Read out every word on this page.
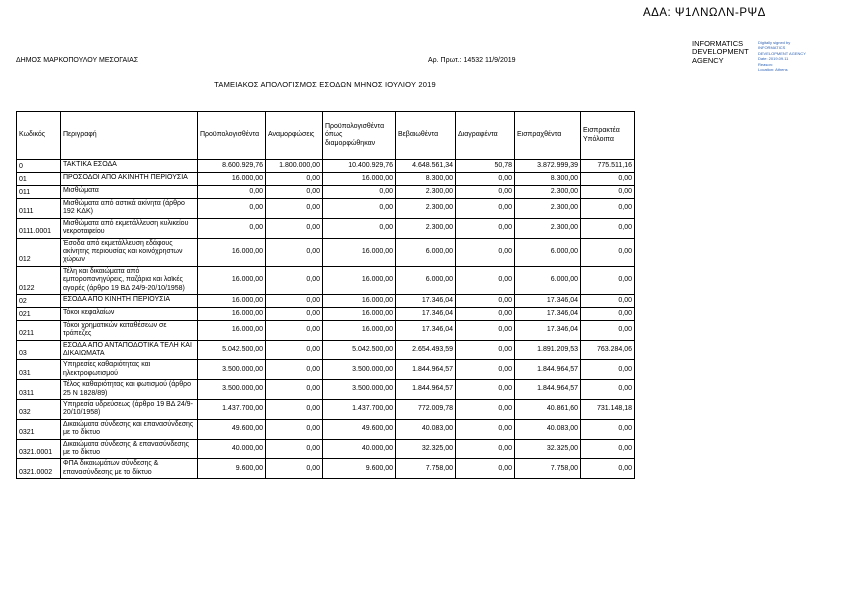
ΑΔΑ: Ψ1ΛΝΩΛΝ-ΡΨΔ
ΔΗΜΟΣ ΜΑΡΚΟΠΟΥΛΟΥ ΜΕΣΟΓΑΙΑΣ	Αρ. Πρωτ.: 14532 11/9/2019
INFORMATICS DEVELOPMENT AGENCY
Digitally signed by
INFORMATICS
DEVELOPMENT AGENCY
Date: 2019.09.11
Reason:
Location: Athens
ΤΑΜΕΙΑΚΟΣ ΑΠΟΛΟΓΙΣΜΟΣ ΕΣΟΔΩΝ ΜΗΝΟΣ ΙΟΥΛΙΟΥ 2019
Κωδικός	Περιγραφή	Προϋπολογισθέντα	Αναμορφώσεις	Προϋπολογισθέντα όπως διαμορφώθηκαν	Βεβαιωθέντα	Διαγραφέντα	Εισπραχθέντα	Εισπρακτέα Υπόλοιπα
0	ΤΑΚΤΙΚΑ ΕΣΟΔΑ	8.600.929,76	1.800.000,00	10.400.929,76	4.648.561,34	50,78	3.872.999,39	775.511,16
01	ΠΡΟΣΟΔΟΙ ΑΠΟ ΑΚΙΝΗΤΗ ΠΕΡΙΟΥΣΙΑ	16.000,00	0,00	16.000,00	8.300,00	0,00	8.300,00	0,00
011	Μισθώματα	0,00	0,00	0,00	2.300,00	0,00	2.300,00	0,00
0111	Μισθώματα από αστικά ακίνητα (άρθρο 192 ΚΔΚ)	0,00	0,00	0,00	2.300,00	0,00	2.300,00	0,00
0111.0001	Μισθώματα από εκμετάλλευση κυλικείου νεκροταφείου	0,00	0,00	0,00	2.300,00	0,00	2.300,00	0,00
012	Έσοδα από εκμετάλλευση εδάφους ακίνητης περιουσίας και κοινόχρηστων χώρων	16.000,00	0,00	16.000,00	6.000,00	0,00	6.000,00	0,00
0122	Τέλη και δικαιώματα από εμποροπανηγύρεις, παζάρια και λαϊκές αγορές (άρθρο 19 ΒΔ 24/9-20/10/1958)	16.000,00	0,00	16.000,00	6.000,00	0,00	6.000,00	0,00
02	ΕΣΟΔΑ ΑΠΟ ΚΙΝΗΤΗ ΠΕΡΙΟΥΣΙΑ	16.000,00	0,00	16.000,00	17.346,04	0,00	17.346,04	0,00
021	Τόκοι κεφαλαίων	16.000,00	0,00	16.000,00	17.346,04	0,00	17.346,04	0,00
0211	Τόκοι χρηματικών καταθέσεων σε τράπεζες	16.000,00	0,00	16.000,00	17.346,04	0,00	17.346,04	0,00
03	ΕΣΟΔΑ ΑΠΟ ΑΝΤΑΠΟΔΟΤΙΚΑ ΤΕΛΗ ΚΑΙ ΔΙΚΑΙΩΜΑΤΑ	5.042.500,00	0,00	5.042.500,00	2.654.493,59	0,00	1.891.209,53	763.284,06
031	Υπηρεσίες καθαριότητας και ηλεκτροφωτισμού	3.500.000,00	0,00	3.500.000,00	1.844.964,57	0,00	1.844.964,57	0,00
0311	Τέλος καθαριότητας και φωτισμού (άρθρο 25 Ν 1828/89)	3.500.000,00	0,00	3.500.000,00	1.844.964,57	0,00	1.844.964,57	0,00
032	Υπηρεσία υδρεύσεως (άρθρο 19 ΒΔ 24/9-20/10/1958)	1.437.700,00	0,00	1.437.700,00	772.009,78	0,00	40.861,60	731.148,18
0321	Δικαιώματα σύνδεσης και επανασύνδεσης με το δίκτυο	49.600,00	0,00	49.600,00	40.083,00	0,00	40.083,00	0,00
0321.0001	Δικαιώματα σύνδεσης & επανασύνδεσης με το δίκτυο	40.000,00	0,00	40.000,00	32.325,00	0,00	32.325,00	0,00
0321.0002	ΦΠΑ δικαιωμάτων σύνδεσης & επανασύνδεσης με το δίκτυο	9.600,00	0,00	9.600,00	7.758,00	0,00	7.758,00	0,00
